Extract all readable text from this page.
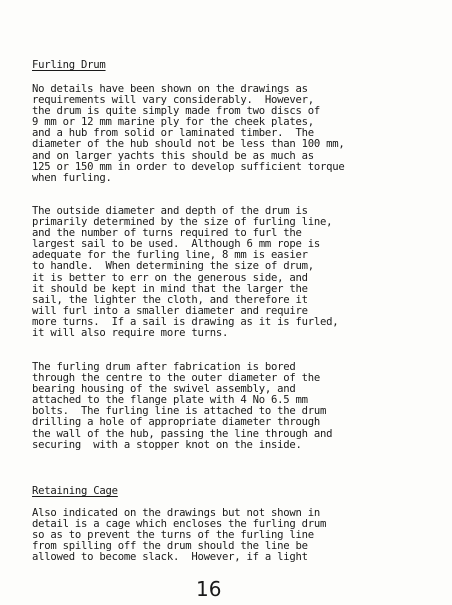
Furling Drum
No details have been shown on the drawings as
requirements will vary considerably.  However,
the drum is quite simply made from two discs of
9 mm or 12 mm marine ply for the cheek plates,
and a hub from solid or laminated timber.  The
diameter of the hub should not be less than 100 mm,
and on larger yachts this should be as much as
125 or 150 mm in order to develop sufficient torque
when furling.
The outside diameter and depth of the drum is
primarily determined by the size of furling line,
and the number of turns required to furl the
largest sail to be used.  Although 6 mm rope is
adequate for the furling line, 8 mm is easier
to handle.  When determining the size of drum,
it is better to err on the generous side, and
it should be kept in mind that the larger the
sail, the lighter the cloth, and therefore it
will furl into a smaller diameter and require
more turns.  If a sail is drawing as it is furled,
it will also require more turns.
The furling drum after fabrication is bored
through the centre to the outer diameter of the
bearing housing of the swivel assembly, and
attached to the flange plate with 4 No 6.5 mm
bolts.  The furling line is attached to the drum
drilling a hole of appropriate diameter through
the wall of the hub, passing the line through and
securing  with a stopper knot on the inside.
Retaining Cage
Also indicated on the drawings but not shown in
detail is a cage which encloses the furling drum
so as to prevent the turns of the furling line
from spilling off the drum should the line be
allowed to become slack.  However, if a light
16
